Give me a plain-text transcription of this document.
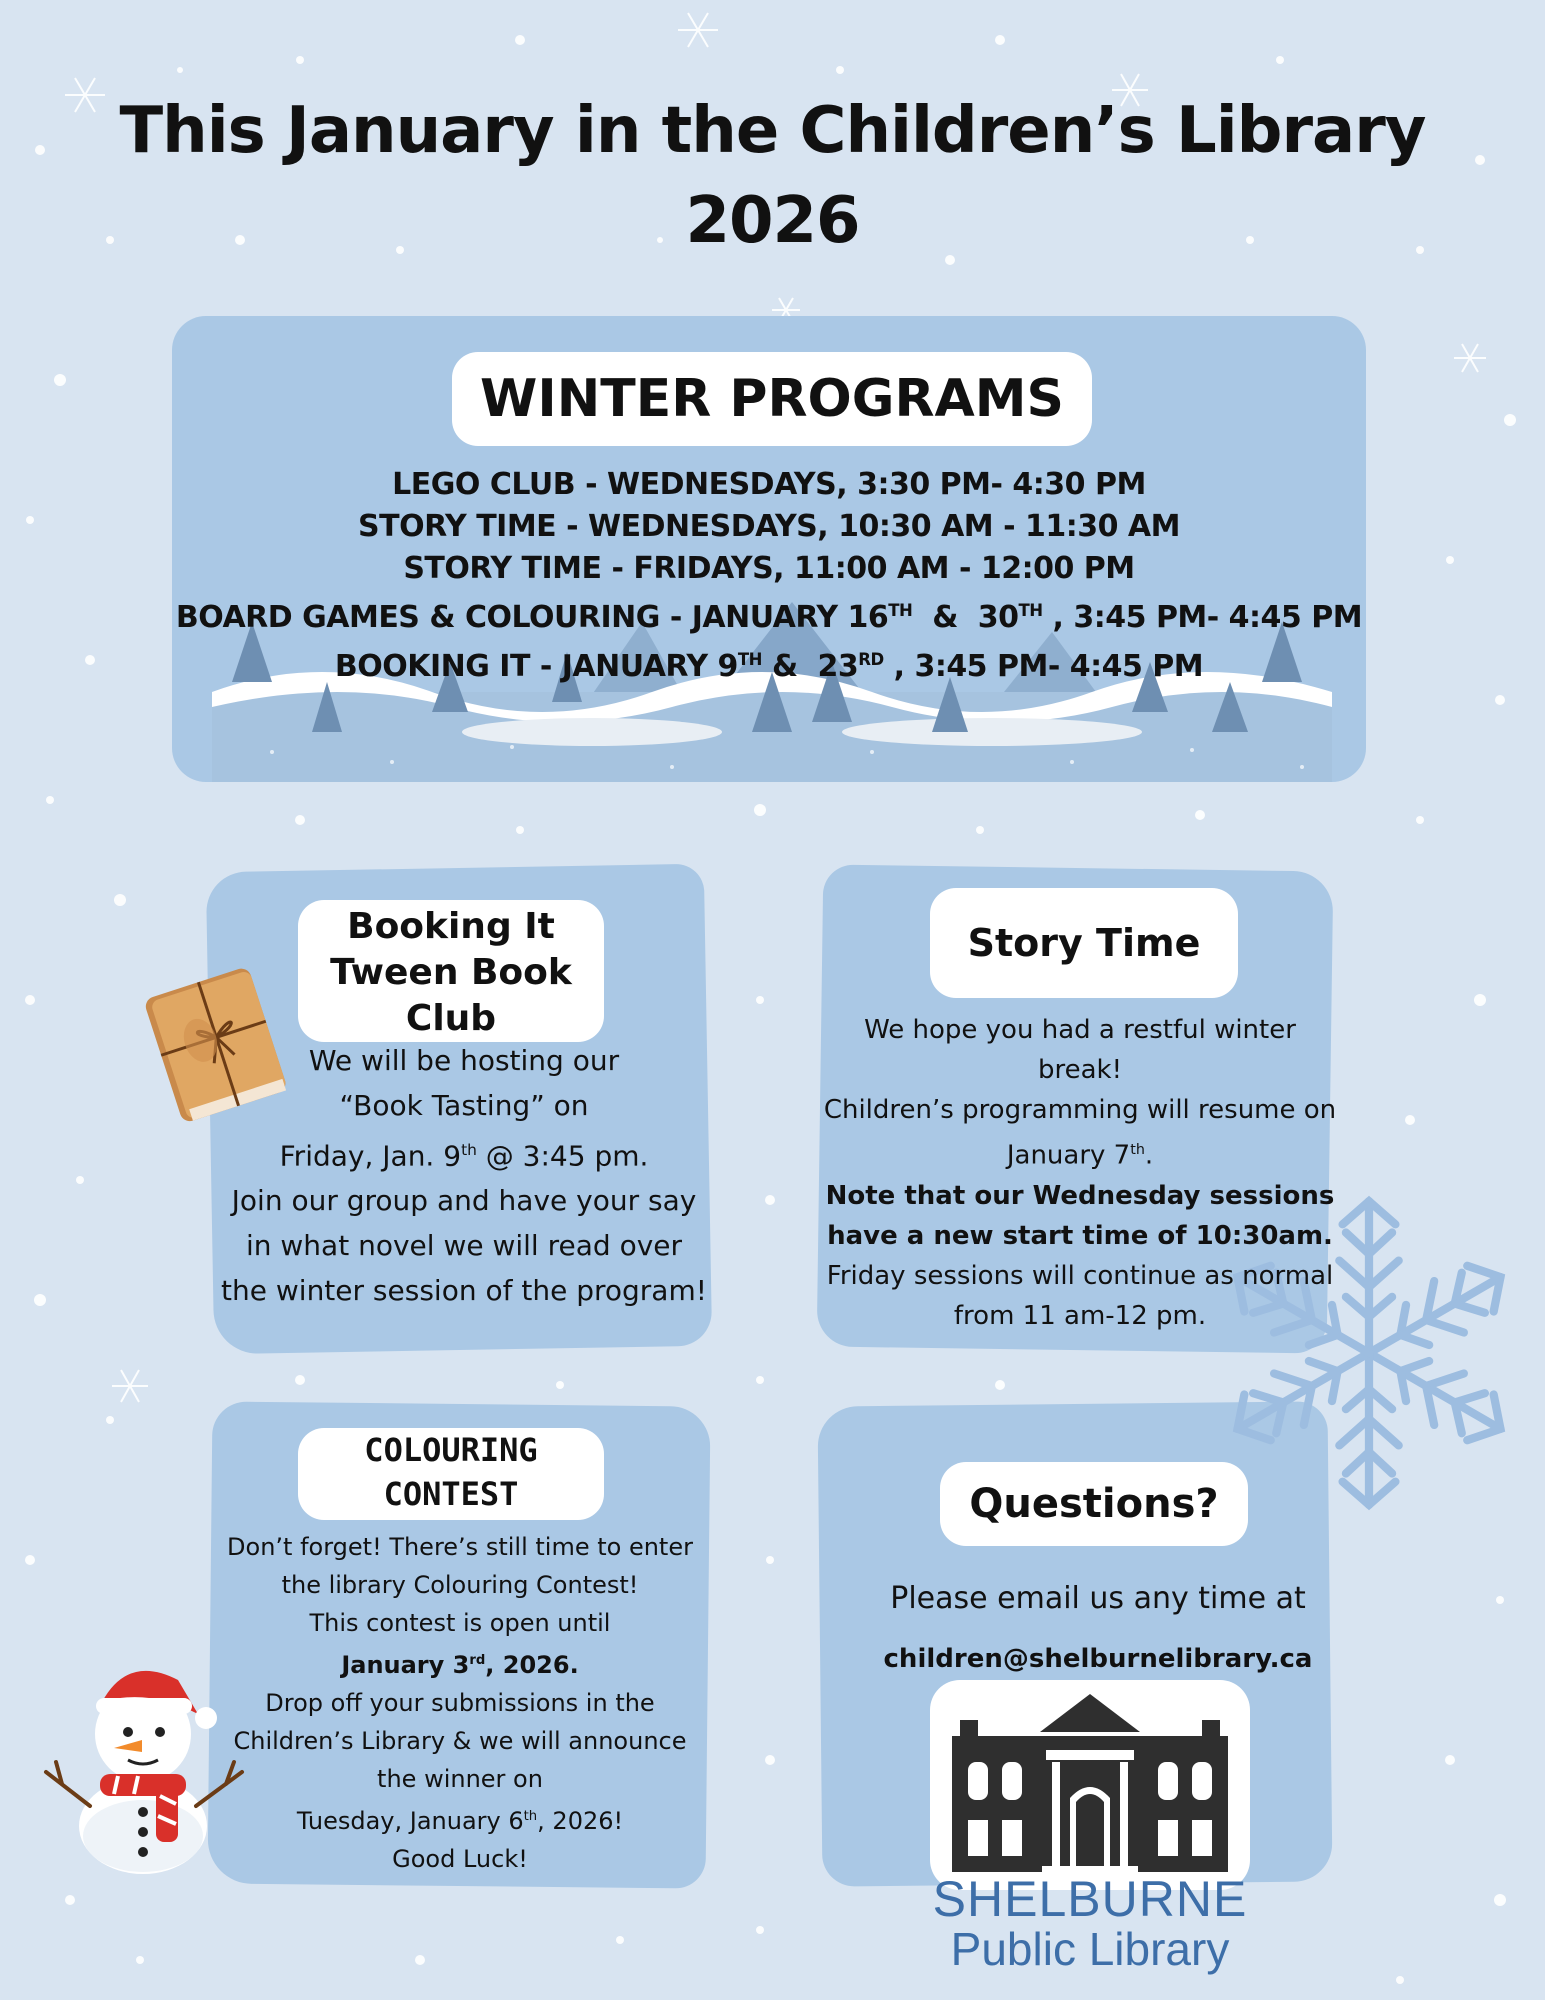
This January in the Children’s Library
2026
WINTER PROGRAMS
LEGO CLUB - WEDNESDAYS, 3:30 PM- 4:30 PM
STORY TIME - WEDNESDAYS, 10:30 AM - 11:30 AM
STORY TIME - FRIDAYS, 11:00 AM - 12:00 PM
BOARD GAMES & COLOURING - JANUARY 16TH  &  30TH , 3:45 PM- 4:45 PM
BOOKING IT - JANUARY 9TH &  23RD , 3:45 PM- 4:45 PM
Booking It
Tween Book
Club
We will be hosting our
“Book Tasting” on
Friday, Jan. 9th @ 3:45 pm.
Join our group and have your say
in what novel we will read over
the winter session of the program!
Story Time
We hope you had a restful winter
break!
Children’s programming will resume on
January 7th.
Note that our Wednesday sessions
have a new start time of 10:30am.
Friday sessions will continue as normal
from 11 am-12 pm.
COLOURING
CONTEST
Don’t forget! There’s still time to enter
the library Colouring Contest!
This contest is open until
January 3rd, 2026.
Drop off your submissions in the
Children’s Library & we will announce
the winner on
Tuesday, January 6th, 2026!
Good Luck!
Questions?
Please email us any time at
children@shelburnelibrary.ca
SHELBURNE
Public Library
